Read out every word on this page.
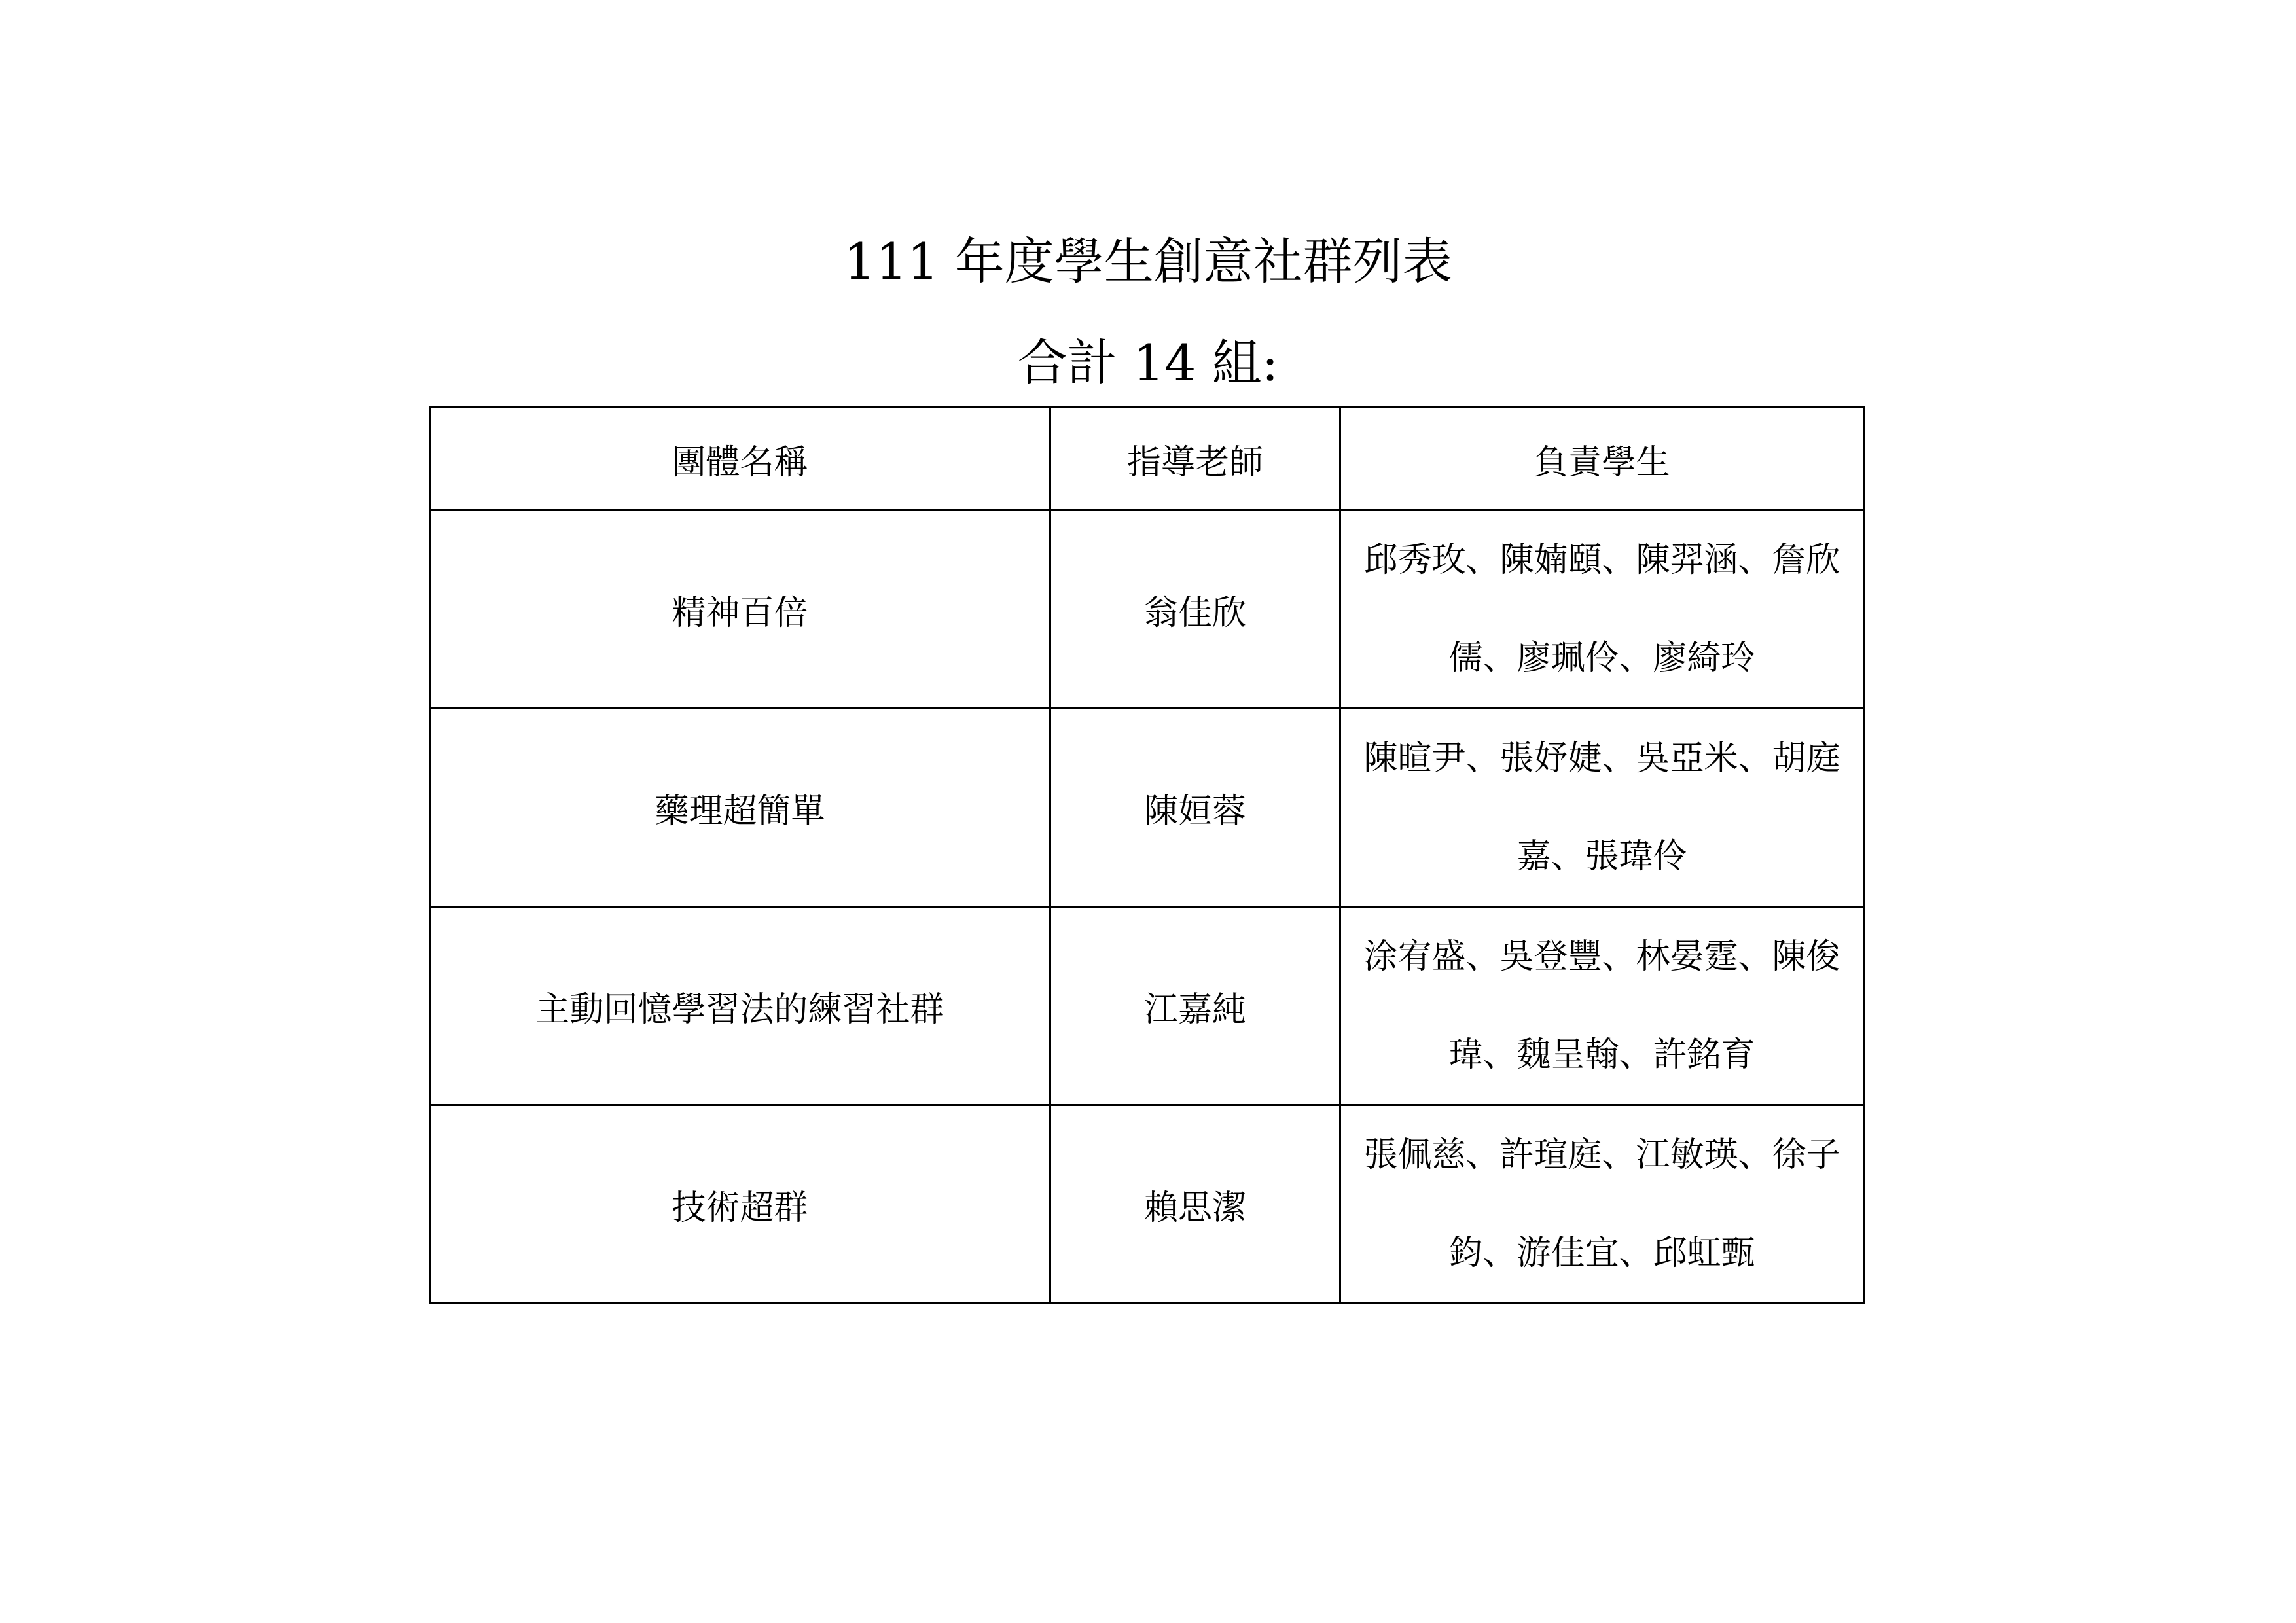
111 年度學生創意社群列表
合計 14 組:
團體名稱	指導老師	負責學生
精神百倍	翁佳欣	邱秀玫、陳婻頤、陳羿涵、詹欣儒、廖珮伶、廖綺玲
藥理超簡單	陳姮蓉	陳暄尹、張妤婕、吳亞米、胡庭嘉、張瑋伶
主動回憶學習法的練習社群	江嘉純	涂宥盛、吳登豐、林晏霆、陳俊瑋、魏呈翰、許銘育
技術超群	賴思潔	張佩慈、許瑄庭、江敏瑛、徐子鈞、游佳宜、邱虹甄
